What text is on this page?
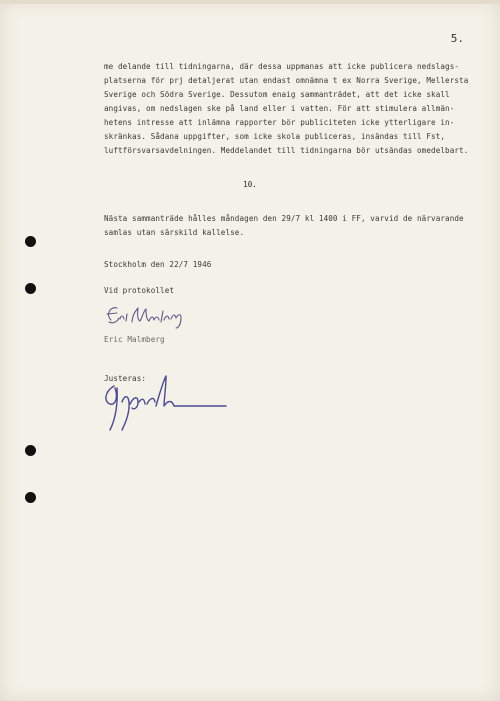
5.
me delande till tidningarna, där dessa uppmanas att icke publicera nedslags-
platserna för prj detaljerat utan endast omnämna t ex Norra Sverige, Mellersta
Sverige och Södra Sverige. Dessutom enaig sammanträdet, att det icke skall
angivas, om nedslagen ske på land eller i vatten. För att stimulera allmän-
hetens intresse att inlämna rapporter bör publiciteten icke ytterligare in-
skränkas. Sådana uppgifter, som icke skola publiceras, insändas till Fst,
luftförsvarsavdelningen. Meddelandet till tidningarna bör utsändas omedelbart.
10.
Nästa sammanträde hålles måndagen den 29/7 kl 1400 i FF, varvid de närvarande
samlas utan särskild kallelse.
Stockholm den 22/7 1946
Vid protokollet
Eric Malmberg
Justeras:
